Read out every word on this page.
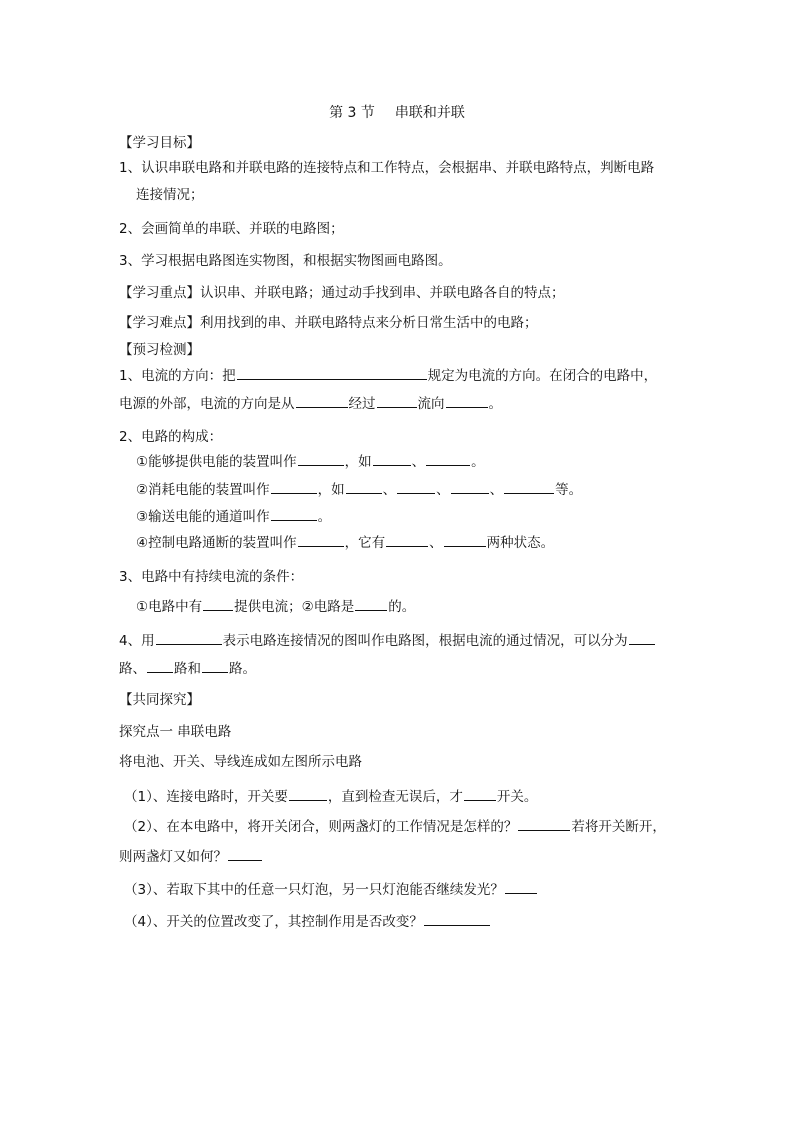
第 3 节 串联和并联
【学习目标】
1、认识串联电路和并联电路的连接特点和工作特点，会根据串、并联电路特点，判断电路
连接情况；
2、会画简单的串联、并联的电路图；
3、学习根据电路图连实物图，和根据实物图画电路图。
【学习重点】认识串、并联电路；通过动手找到串、并联电路各自的特点；
【学习难点】利用找到的串、并联电路特点来分析日常生活中的电路；
【预习检测】
1、电流的方向：把	规定为电流的方向。在闭合的电路中，
电源的外部，电流的方向是从	经过	流向	。
2、电路的构成：
①能够提供电能的装置叫作	，如	、	。
②消耗电能的装置叫作	，如	、	、	、	等。
③输送电能的通道叫作	。
④控制电路通断的装置叫作	，它有	、	两种状态。
3、电路中有持续电流的条件：
①电路中有 提供电流；②电路是	的。
4、用	表示电路连接情况的图叫作电路图，根据电流的通过情况，可以分为
路、 路和 路。
【共同探究】
探究点一 串联电路
将电池、开关、导线连成如左图所示电路
（1）、连接电路时，开关要	，直到检查无误后，才	开关。
（2）、在本电路中，将开关闭合，则两盏灯的工作情况是怎样的？	若将开关断开，
则两盏灯又如何？
（3）、若取下其中的任意一只灯泡，另一只灯泡能否继续发光？
（4）、开关的位置改变了，其控制作用是否改变？
